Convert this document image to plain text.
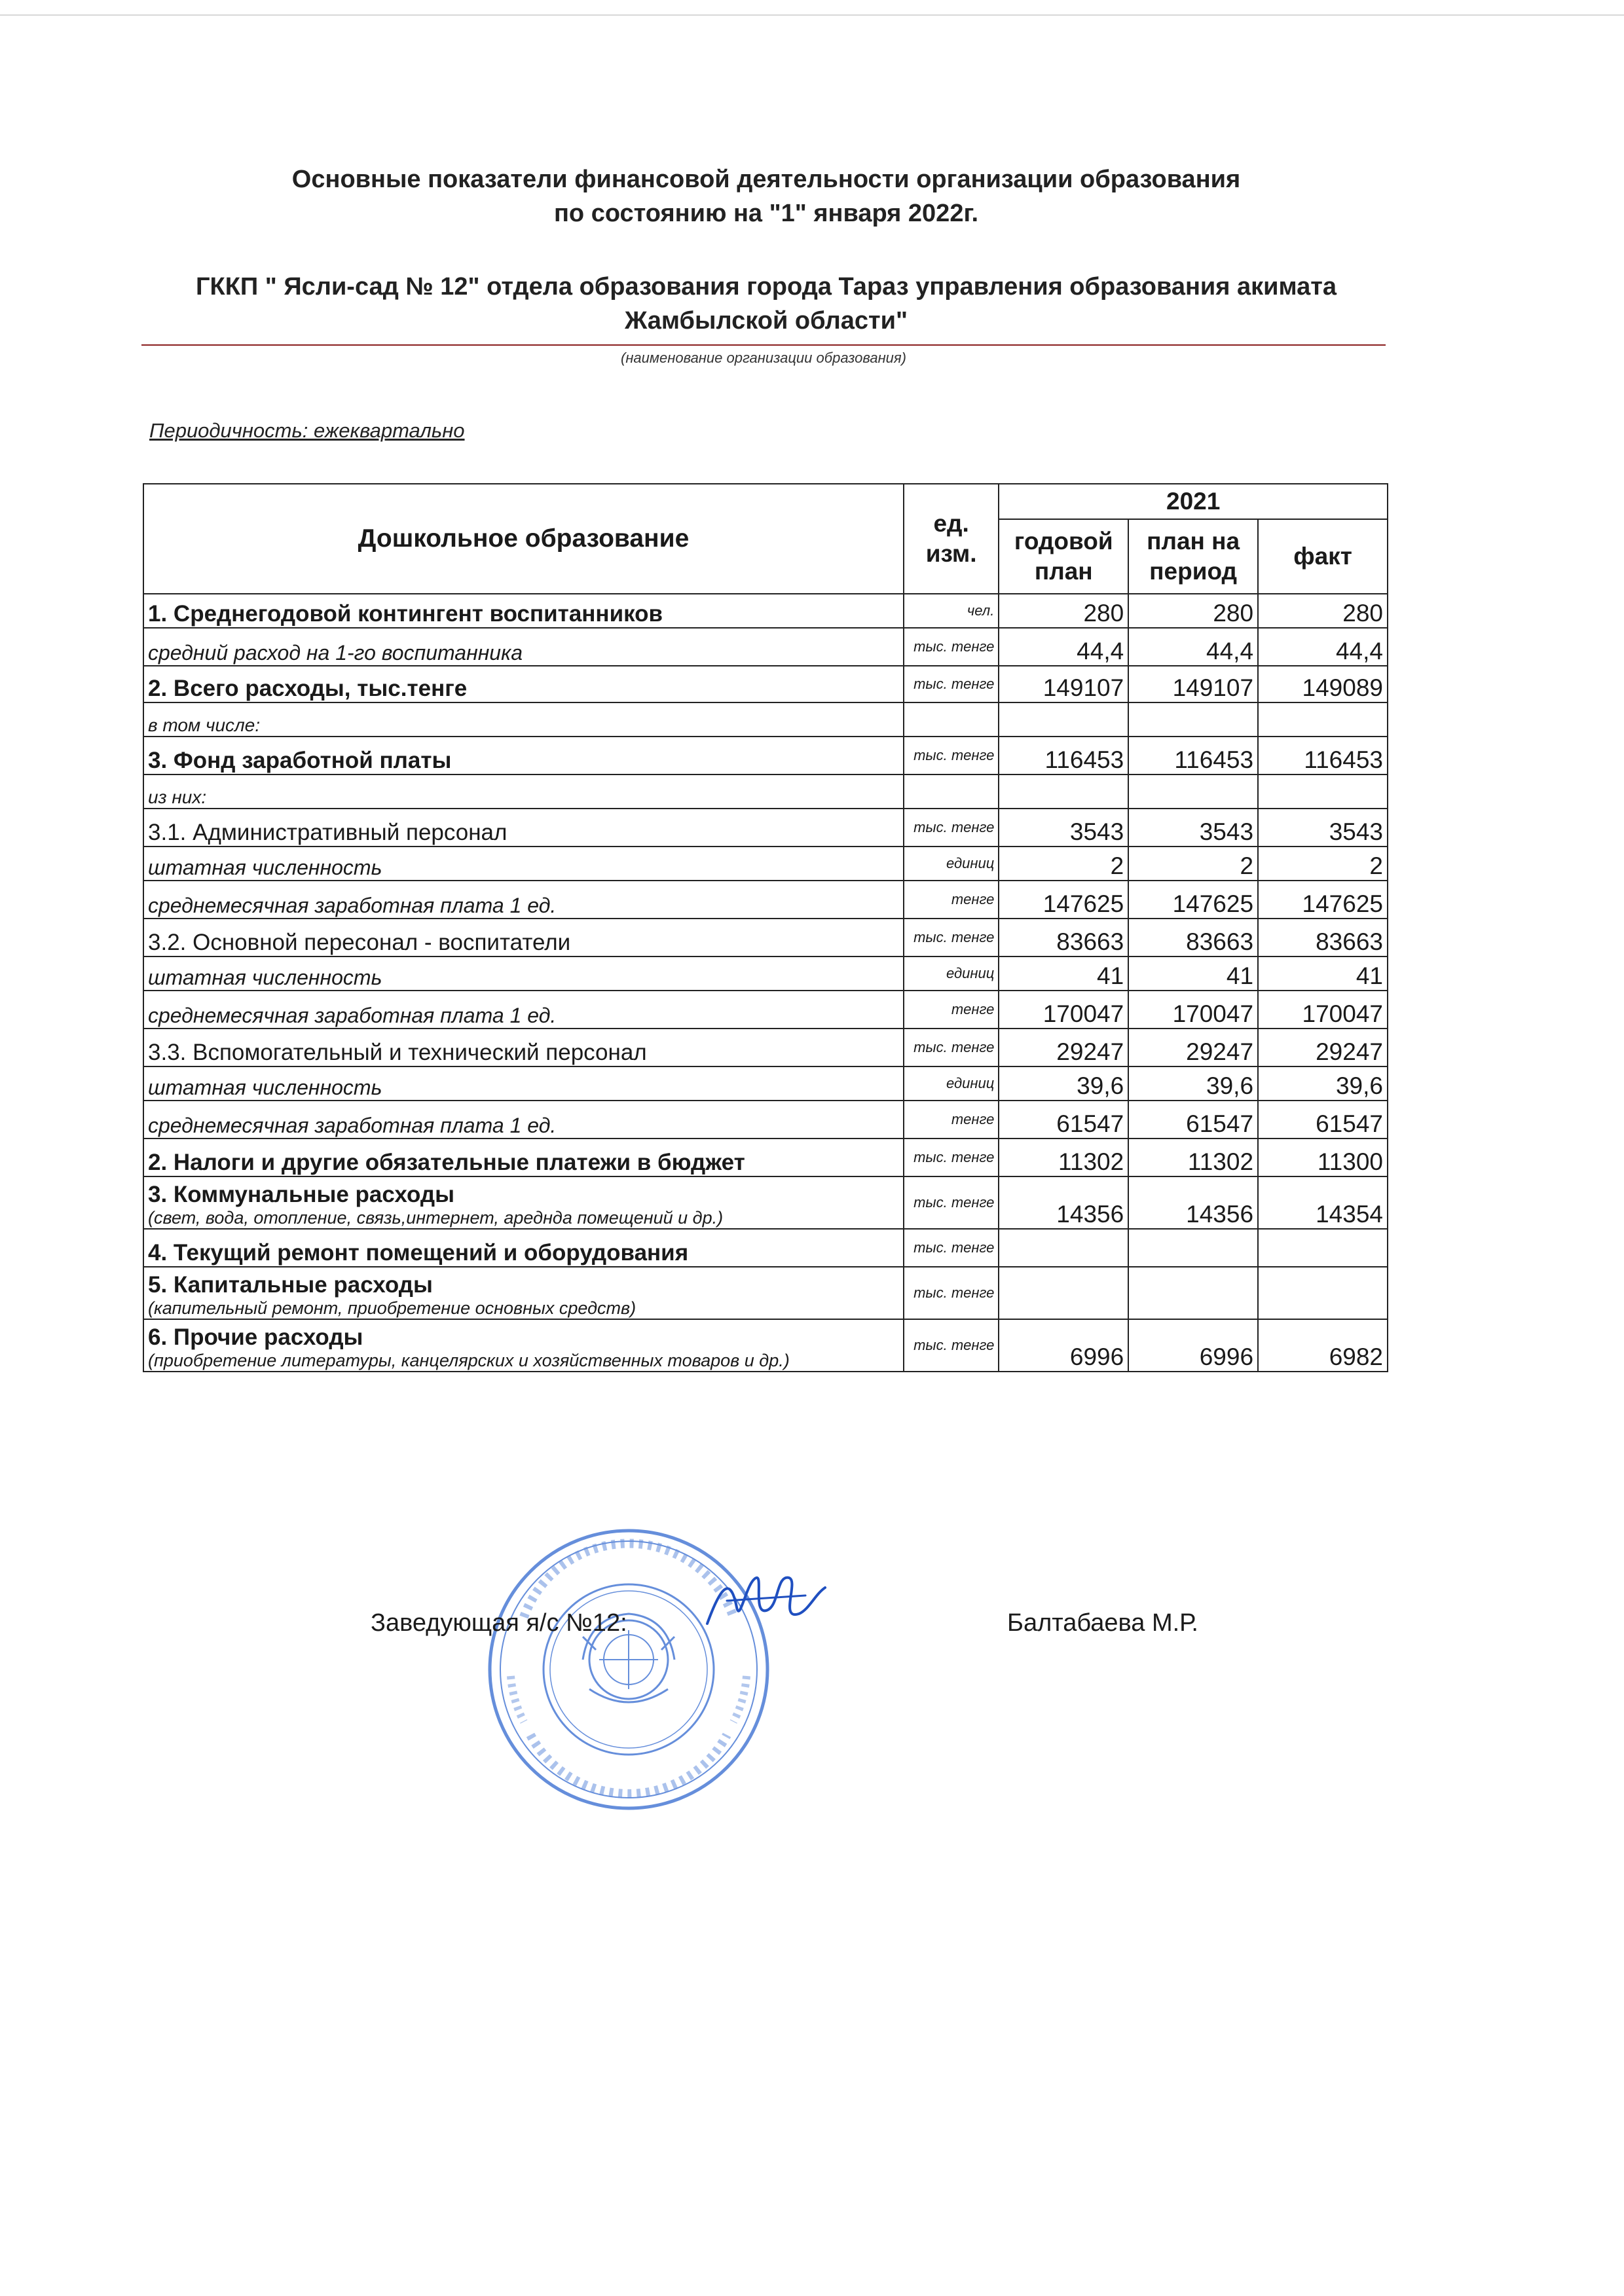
Основные показатели финансовой деятельности организации образования
по состоянию на "1" января 2022г.
ГККП " Ясли-сад № 12" отдела образования города Тараз управления образования акимата
Жамбылской области"
(наименование организации образования)
Периодичность: ежеквартально
Дошкольное образование	ед. изм.	2021		
		годовой план	план на период	факт
1. Среднегодовой контингент воспитанников	чел.	280	280	280
средний расход на 1-го воспитанника	тыс. тенге	44,4	44,4	44,4
2. Всего расходы, тыс.тенге	тыс. тенге	149107	149107	149089
в том числе:				
3. Фонд заработной платы	тыс. тенге	116453	116453	116453
из них:				
3.1. Административный персонал	тыс. тенге	3543	3543	3543
штатная численность	единиц	2	2	2
среднемесячная заработная плата 1 ед.	тенге	147625	147625	147625
3.2. Основной пересонал - воспитатели	тыс. тенге	83663	83663	83663
штатная численность	единиц	41	41	41
среднемесячная заработная плата 1 ед.	тенге	170047	170047	170047
3.3. Вспомогательный и технический персонал	тыс. тенге	29247	29247	29247
штатная численность	единиц	39,6	39,6	39,6
среднемесячная заработная плата 1 ед.	тенге	61547	61547	61547
2. Налоги и другие обязательные платежи в бюджет	тыс. тенге	11302	11302	11300
3. Коммунальные расходы
(свет, вода, отопление, связь,интернет, ареднда помещений и др.)	тыс. тенге	14356	14356	14354
4. Текущий ремонт помещений и оборудования	тыс. тенге			
5. Капитальные расходы
(капительный ремонт, приобретение основных средств)	тыс. тенге			
6. Прочие расходы
(приобретение литературы, канцелярских и хозяйственных товаров и др.)	тыс. тенге	6996	6996	6982
Заведующая я/с №12:	Балтабаева М.Р.
